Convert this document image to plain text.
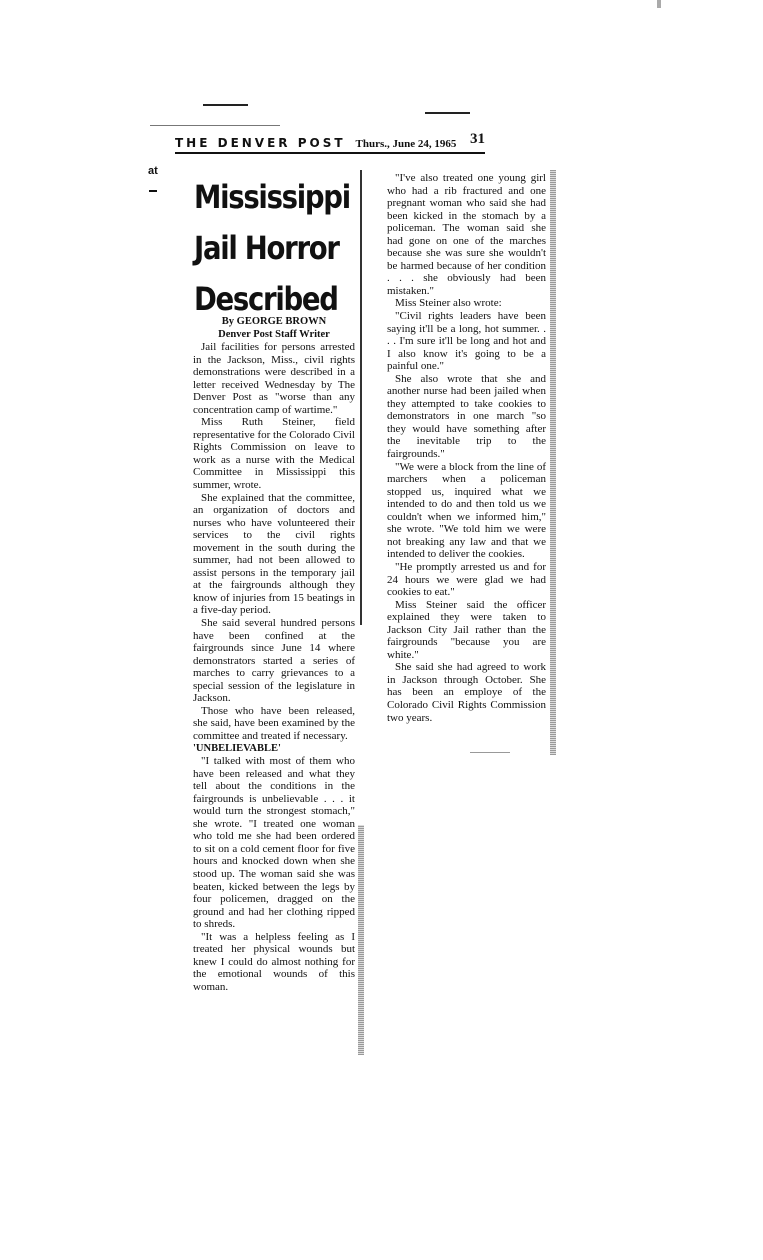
THE DENVER POST Thurs., June 24, 1965 31
at
Mississippi
Jail Horror
Described
By GEORGE BROWN
Denver Post Staff Writer

Jail facilities for persons arrested in the Jackson, Miss., civil rights demonstrations were described in a letter received Wednesday by The Denver Post as "worse than any concentration camp of wartime."

Miss Ruth Steiner, field representative for the Colorado Civil Rights Commission on leave to work as a nurse with the Medical Committee in Mississippi this summer, wrote.

She explained that the committee, an organization of doctors and nurses who have volunteered their services to the civil rights movement in the south during the summer, had not been allowed to assist persons in the temporary jail at the fairgrounds although they know of injuries from 15 beatings in a five-day period.

She said several hundred persons have been confined at the fairgrounds since June 14 where demonstrators started a series of marches to carry grievances to a special session of the legislature in Jackson.

Those who have been released, she said, have been examined by the committee and treated if necessary.

'UNBELIEVABLE'

"I talked with most of them who have been released and what they tell about the conditions in the fairgrounds is unbelievable . . . it would turn the strongest stomach," she wrote. "I treated one woman who told me she had been ordered to sit on a cold cement floor for five hours and knocked down when she stood up. The woman said she was beaten, kicked between the legs by four policemen, dragged on the ground and had her clothing ripped to shreds.

"It was a helpless feeling as I treated her physical wounds but knew I could do almost nothing for the emotional wounds of this woman.

"I've also treated one young girl who had a rib fractured and one pregnant woman who said she had been kicked in the stomach by a policeman. The woman said she had gone on one of the marches because she was sure she wouldn't be harmed because of her condition . . . she obviously had been mistaken."

Miss Steiner also wrote:

"Civil rights leaders have been saying it'll be a long, hot summer. . . . I'm sure it'll be long and hot and I also know it's going to be a painful one."

She also wrote that she and another nurse had been jailed when they attempted to take cookies to demonstrators in one march "so they would have something after the inevitable trip to the fairgrounds."

"We were a block from the line of marchers when a policeman stopped us, inquired what we intended to do and then told us we couldn't when we informed him," she wrote. "We told him we were not breaking any law and that we intended to deliver the cookies.

"He promptly arrested us and for 24 hours we were glad we had cookies to eat."

Miss Steiner said the officer explained they were taken to Jackson City Jail rather than the fairgrounds "because you are white."

She said she had agreed to work in Jackson through October. She has been an employe of the Colorado Civil Rights Commission two years.
